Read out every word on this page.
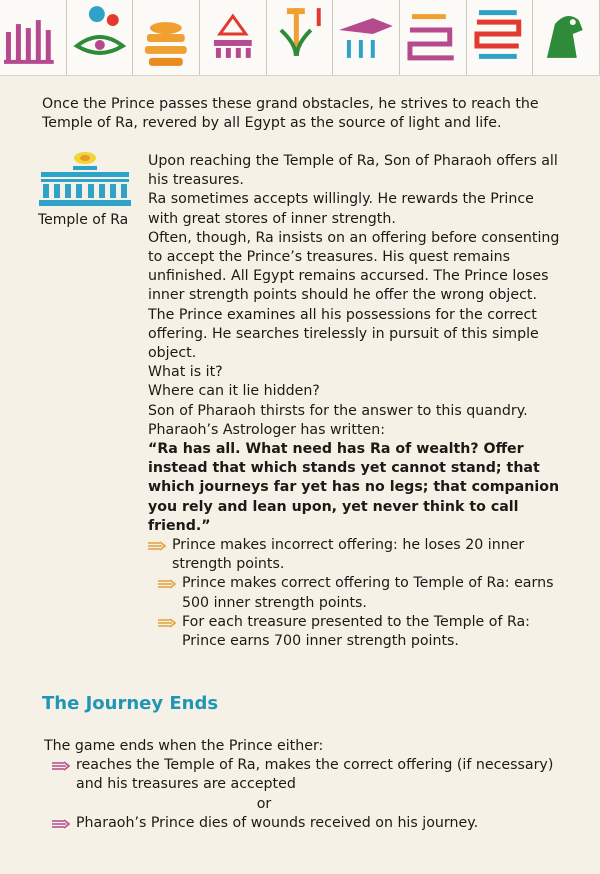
Once the Prince passes these grand obstacles, he strives to reach the Temple of Ra, revered by all Egypt as the source of light and life.
Temple of Ra

Upon reaching the Temple of Ra, Son of Pharaoh offers all his treasures.

Ra sometimes accepts willingly. He rewards the Prince with great stores of inner strength.

Often, though, Ra insists on an offering before consenting to accept the Prince’s treasures. His quest remains unfinished. All Egypt remains accursed. The Prince loses inner strength points should he offer the wrong object.

The Prince examines all his possessions for the correct offering. He searches tirelessly in pursuit of this simple object.

What is it?

Where can it lie hidden?

Son of Pharaoh thirsts for the answer to this quandry.

Pharaoh’s Astrologer has written:

“Ra has all. What need has Ra of wealth? Offer instead that which stands yet cannot stand; that which journeys far yet has no legs; that companion you rely and lean upon, yet never think to call friend.”

Prince makes incorrect offering: he loses 20 inner strength points.
Prince makes correct offering to Temple of Ra: earns 500 inner strength points.
For each treasure presented to the Temple of Ra: Prince earns 700 inner strength points.
The Journey Ends

The game ends when the Prince either:

reaches the Temple of Ra, makes the correct offering (if necessary) and his treasures are accepted

or

Pharaoh’s Prince dies of wounds received on his journey.
